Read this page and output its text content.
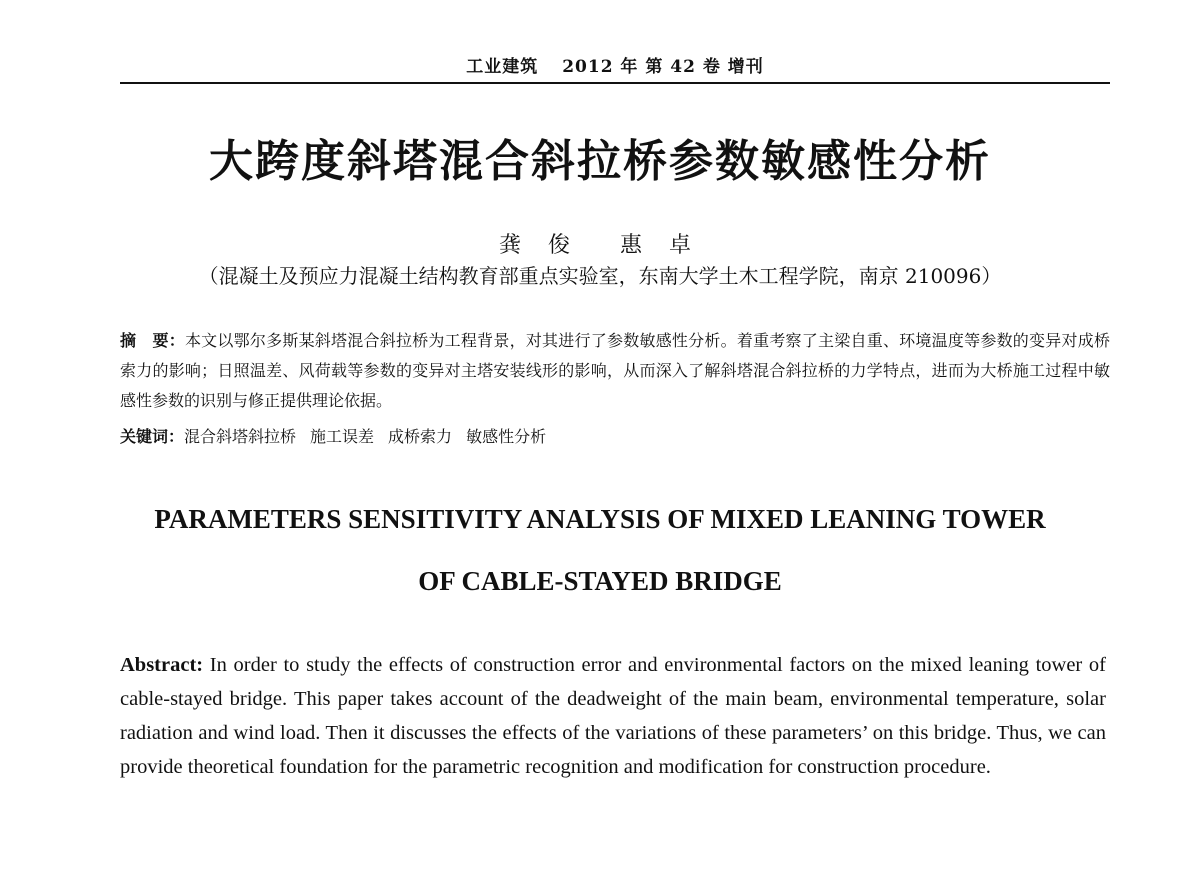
工业建筑 2012 年 第 42 卷 增刊
大跨度斜塔混合斜拉桥参数敏感性分析
龚 俊 惠 卓
（混凝土及预应力混凝土结构教育部重点实验室，东南大学土木工程学院，南京 210096）
摘　要：本文以鄂尔多斯某斜塔混合斜拉桥为工程背景，对其进行了参数敏感性分析。着重考察了主梁自重、环境温度等参数的变异对成桥索力的影响；日照温差、风荷载等参数的变异对主塔安装线形的影响，从而深入了解斜塔混合斜拉桥的力学特点，进而为大桥施工过程中敏感性参数的识别与修正提供理论依据。
关键词：混合斜塔斜拉桥 施工误差 成桥索力 敏感性分析
PARAMETERS SENSITIVITY ANALYSIS OF MIXED LEANING TOWER
OF CABLE-STAYED BRIDGE
Abstract: In order to study the effects of construction error and environmental factors on the mixed leaning tower of cable-stayed bridge. This paper takes account of the deadweight of the main beam, environmental temperature, solar radiation and wind load. Then it discusses the effects of the variations of these parameters’ on this bridge. Thus, we can provide theoretical foundation for the parametric recognition and modification for construction procedure.
